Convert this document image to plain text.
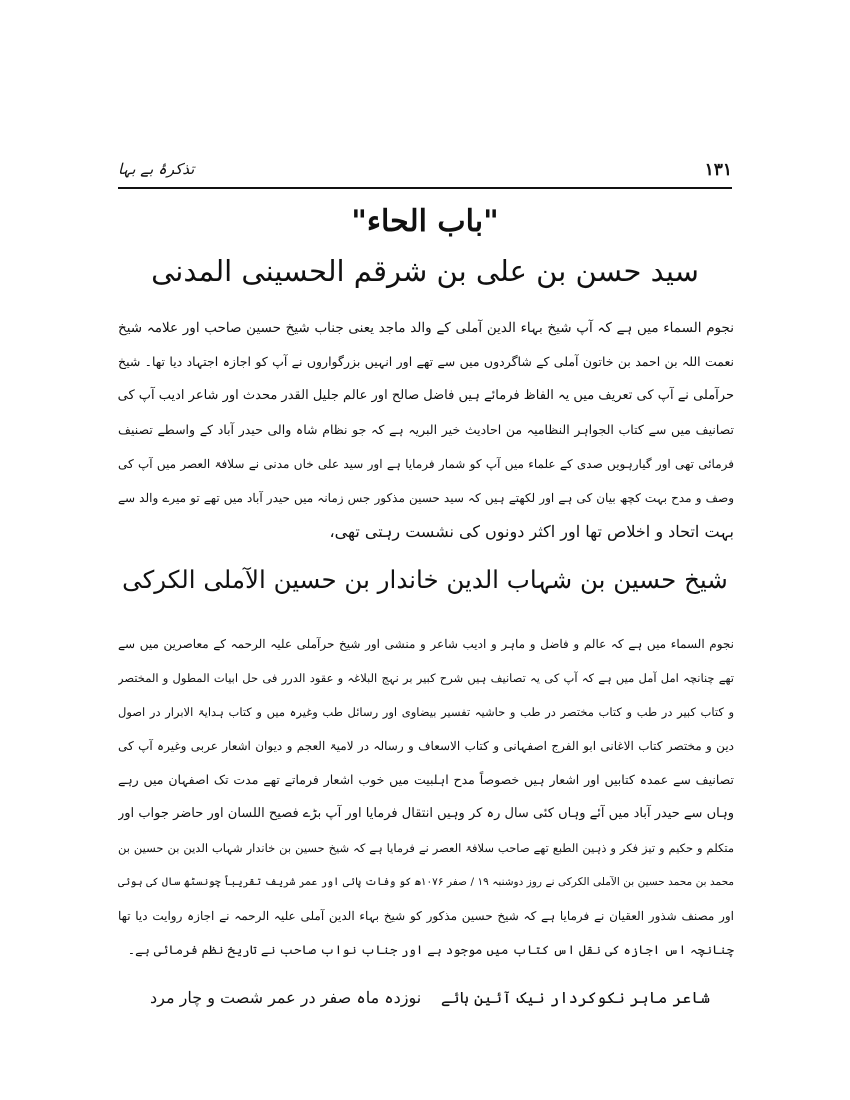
۱۳۱
تذکرۂ بے بہا
"باب الحاء"
سید حسن بن علی بن شرقم الحسینی المدنی
نجوم السماء میں ہے کہ آپ شیخ بہاء الدین آملی کے والد ماجد یعنی جناب شیخ حسین صاحب اور علامہ شیخ
نعمت اللہ بن احمد بن خاتون آملی کے شاگردوں میں سے تھے اور انہیں بزرگواروں نے آپ کو اجازہ اجتہاد دیا تھا۔ شیخ
حرآملی نے آپ کی تعریف میں یہ الفاظ فرمائے ہیں فاضل صالح اور عالم جلیل القدر محدث اور شاعر ادیب آپ کی
تصانیف میں سے کتاب الجواہر النظامیہ من احادیث خیر البریہ ہے کہ جو نظام شاہ والی حیدر آباد کے واسطے تصنیف
فرمائی تھی اور گیارہویں صدی کے علماء میں آپ کو شمار فرمایا ہے اور سید علی خاں مدنی نے سلافۃ العصر میں آپ کی
وصف و مدح بہت کچھ بیان کی ہے اور لکھتے ہیں کہ سید حسین مذکور جس زمانہ میں حیدر آباد میں تھے تو میرے والد سے
بہت اتحاد و اخلاص تھا اور اکثر دونوں کی نشست رہتی تھی،
شیخ حسین بن شہاب الدین خاندار بن حسین الآملی الکرکی
نجوم السماء میں ہے کہ عالم و فاضل و ماہر و ادیب شاعر و منشی اور شیخ حرآملی علیہ الرحمہ کے معاصرین میں سے
تھے چنانچہ امل آمل میں ہے کہ آپ کی یہ تصانیف ہیں شرح کبیر بر نہج البلاغہ و عقود الدرر فی حل ابیات المطول و المختصر
و کتاب کبیر در طب و کتاب مختصر در طب و حاشیہ تفسیر بیضاوی اور رسائل طب وغیرہ میں و کتاب ہدایۃ الابرار در اصول
دین و مختصر کتاب الاغانی ابو الفرج اصفہانی و کتاب الاسعاف و رسالہ در لامیۃ العجم و دیوان اشعار عربی وغیرہ آپ کی
تصانیف سے عمدہ کتابیں اور اشعار ہیں خصوصاً مدح اہلبیت میں خوب اشعار فرماتے تھے مدت تک اصفہان میں رہے
وہاں سے حیدر آباد میں آئے وہاں کئی سال رہ کر وہیں انتقال فرمایا اور آپ بڑے فصیح اللسان اور حاضر جواب اور
متکلم و حکیم و تیز فکر و ذہین الطبع تھے صاحب سلافۃ العصر نے فرمایا ہے کہ شیخ حسین بن خاندار شہاب الدین بن حسین بن
محمد بن محمد حسین بن الآملی الکرکی نے روز دوشنبہ ۱۹ / صفر ۱۰۷۶ھ کو وفات پائی اور عمر شریف تقریباً چونسٹھ سال کی ہوئی
اور مصنف شذور العقیان نے فرمایا ہے کہ شیخ حسین مذکور کو شیخ بہاء الدین آملی علیہ الرحمہ نے اجازہ روایت دیا تھا
چنانچہ اس اجازہ کی نقل اس کتاب میں موجود ہے اور جناب نواب صاحب نے تاریخ نظم فرمائی ہے۔
شاعر ماہر نکوکردار نیک آئین ہائے
نوزدہ ماہ صفر در عمر شصت و چار مرد
